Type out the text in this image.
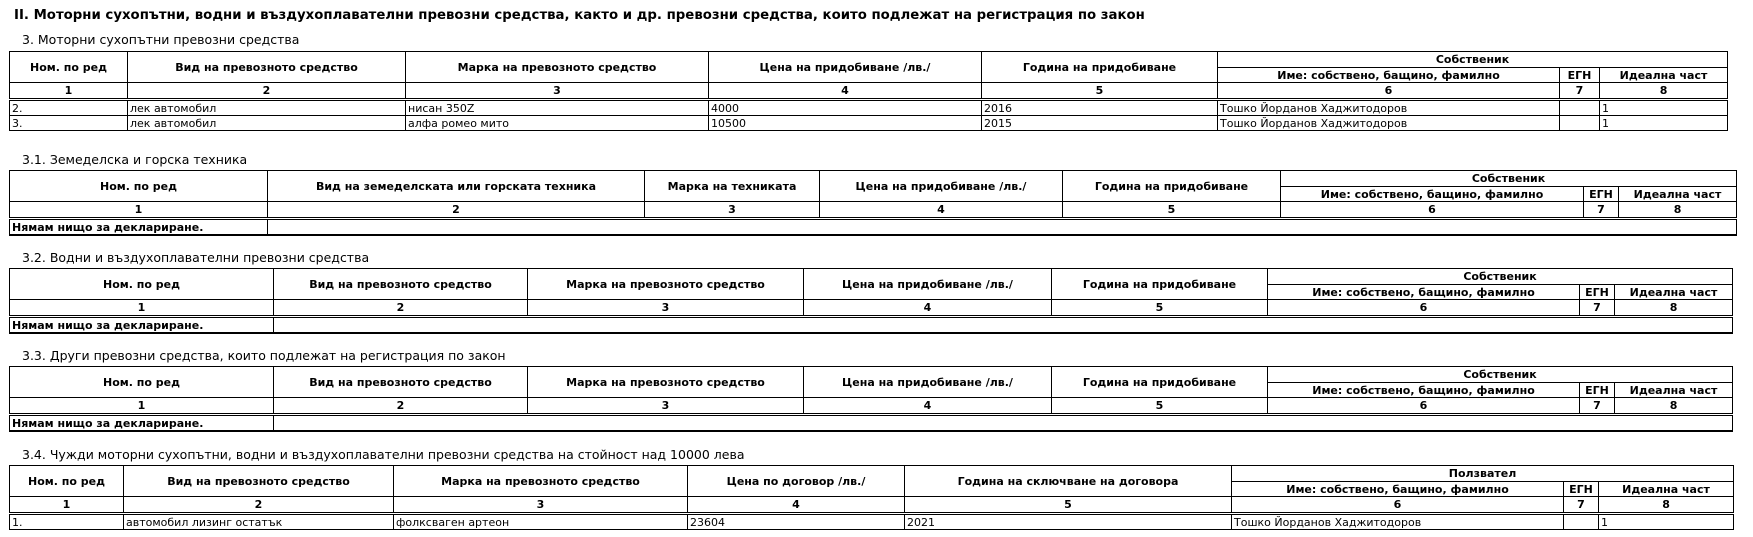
II. Моторни сухопътни, водни и въздухоплавателни превозни средства, както и др. превозни средства, които подлежат на регистрация по закон
3. Моторни сухопътни превозни средства
Ном. по ред	Вид на превозното средство	Марка на превозното средство	Цена на придобиване /лв./	Година на придобиване	Собственик		
					Име: собствено, бащино, фамилно	ЕГН	Идеална част
1	2	3	4	5	6	7	8
2.	лек автомобил	нисан 350Z	4000	2016	Тошко Йорданов Хаджитодоров		1
3.	лек автомобил	алфа ромео мито	10500	2015	Тошко Йорданов Хаджитодоров		1
3.1. Земеделска и горска техника
Ном. по ред	Вид на земеделската или горската техника	Марка на техниката	Цена на придобиване /лв./	Година на придобиване	Собственик		
					Име: собствено, бащино, фамилно	ЕГН	Идеална част
1	2	3	4	5	6	7	8
Нямам нищо за деклариране.							
3.2. Водни и въздухоплавателни превозни средства
Ном. по ред	Вид на превозното средство	Марка на превозното средство	Цена на придобиване /лв./	Година на придобиване	Собственик		
					Име: собствено, бащино, фамилно	ЕГН	Идеална част
1	2	3	4	5	6	7	8
Нямам нищо за деклариране.							
3.3. Други превозни средства, които подлежат на регистрация по закон
Ном. по ред	Вид на превозното средство	Марка на превозното средство	Цена на придобиване /лв./	Година на придобиване	Собственик		
					Име: собствено, бащино, фамилно	ЕГН	Идеална част
1	2	3	4	5	6	7	8
Нямам нищо за деклариране.							
3.4. Чужди моторни сухопътни, водни и въздухоплавателни превозни средства на стойност над 10000 лева
Ном. по ред	Вид на превозното средство	Марка на превозното средство	Цена по договор /лв./	Година на сключване на договора	Ползвател		
					Име: собствено, бащино, фамилно	ЕГН	Идеална част
1	2	3	4	5	6	7	8
1.	автомобил лизинг остатък	фолксваген артеон	23604	2021	Тошко Йорданов Хаджитодоров		1
